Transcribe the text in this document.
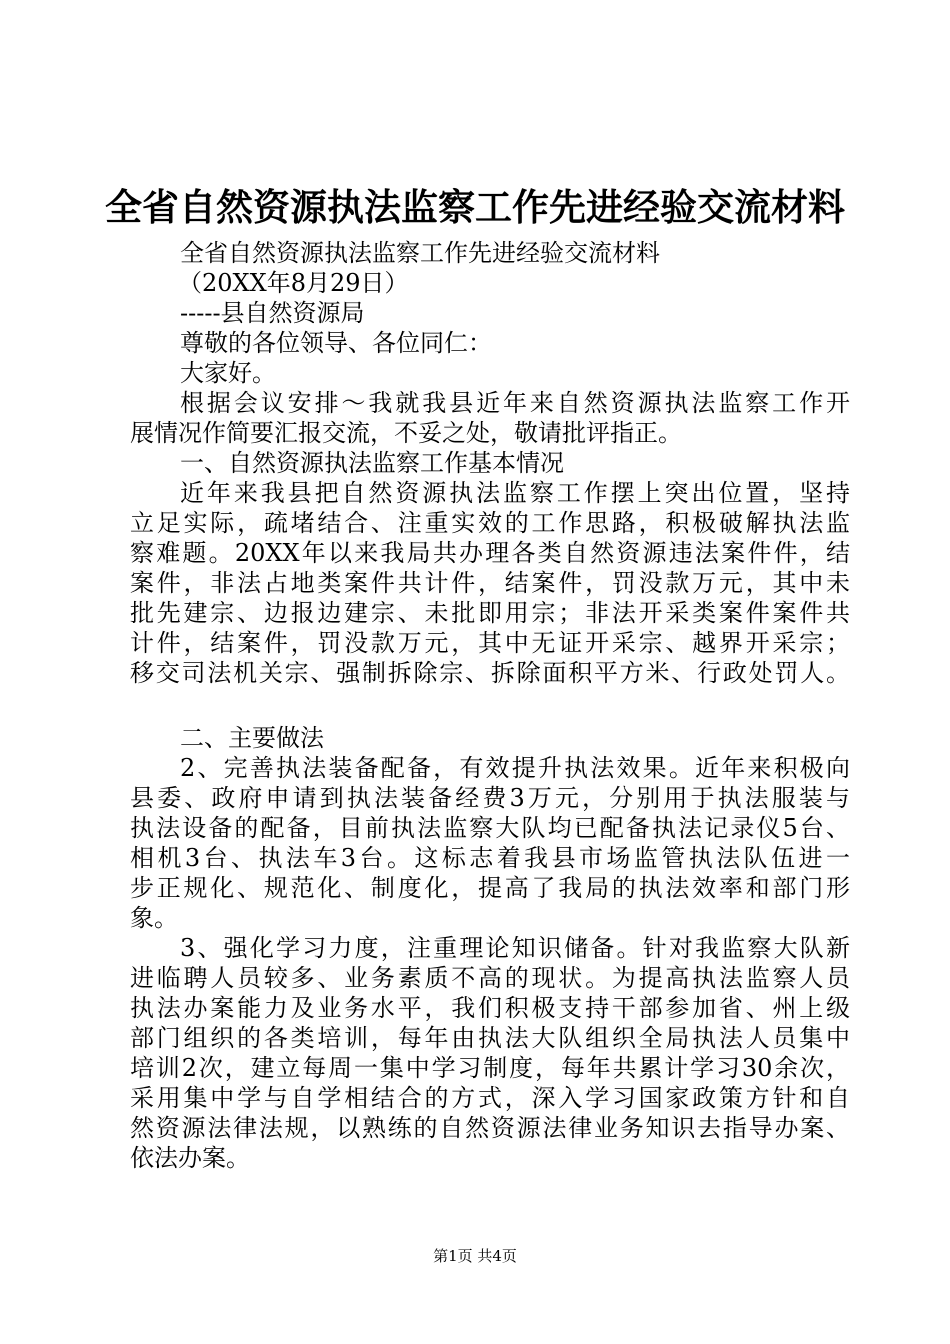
全省自然资源执法监察工作先进经验交流材料

全省自然资源执法监察工作先进经验交流材料

（20XX年8月29日）

-----县自然资源局

尊敬的各位领导、各位同仁：

大家好。

根据会议安排～我就我县近年来自然资源执法监察工作开

展情况作简要汇报交流，不妥之处，敬请批评指正。

一、自然资源执法监察工作基本情况

近年来我县把自然资源执法监察工作摆上突出位置，坚持

立足实际，疏堵结合、注重实效的工作思路，积极破解执法监

察难题。20XX年以来我局共办理各类自然资源违法案件件，结

案件，非法占地类案件共计件，结案件，罚没款万元，其中未

批先建宗、边报边建宗、未批即用宗；非法开采类案件案件共

计件，结案件，罚没款万元，其中无证开采宗、越界开采宗；

移交司法机关宗、强制拆除宗、拆除面积平方米、行政处罚人。

二、主要做法

2、完善执法装备配备，有效提升执法效果。近年来积极向

县委、政府申请到执法装备经费3万元，分别用于执法服装与

执法设备的配备，目前执法监察大队均已配备执法记录仪5台、

相机3台、执法车3台。这标志着我县市场监管执法队伍进一

步正规化、规范化、制度化，提高了我局的执法效率和部门形

象。

3、强化学习力度，注重理论知识储备。针对我监察大队新

进临聘人员较多、业务素质不高的现状。为提高执法监察人员

执法办案能力及业务水平，我们积极支持干部参加省、州上级

部门组织的各类培训，每年由执法大队组织全局执法人员集中

培训2次，建立每周一集中学习制度，每年共累计学习30余次，

采用集中学与自学相结合的方式，深入学习国家政策方针和自

然资源法律法规，以熟练的自然资源法律业务知识去指导办案、

依法办案。

第1页 共4页
